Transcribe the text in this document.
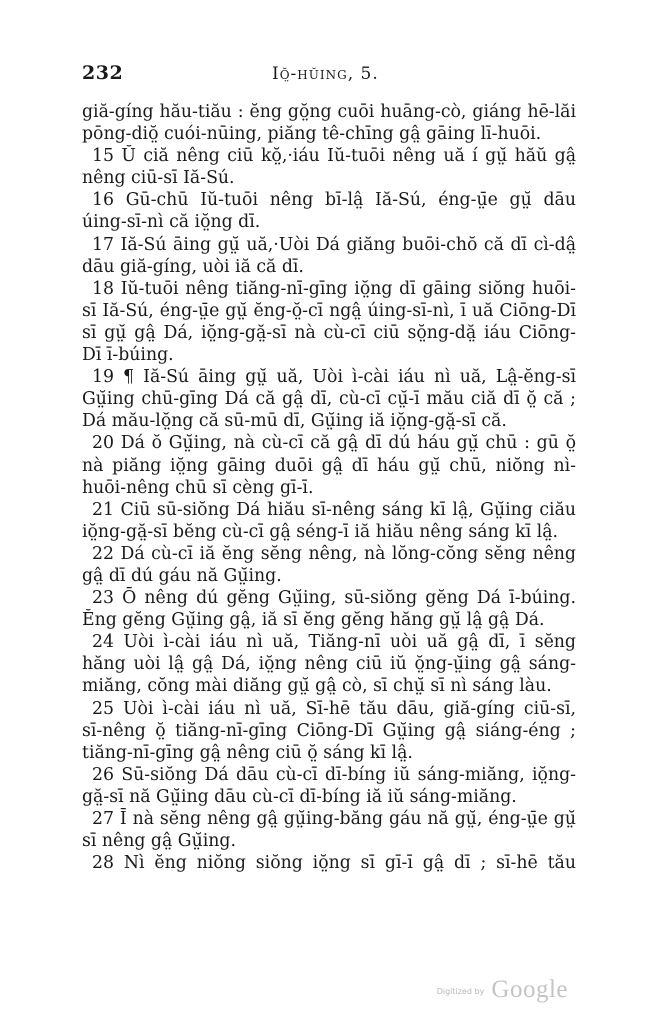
232	Iŏ̤-hŭing, 5.
giă-gíng hău-tiău : ĕng gŏ̤ng cuōi huāng-cò, giáng hē-lăi
pōng-diŏ̤ cuói-nūing, piăng tê-chīng gâ̤ gāing lī-huōi.
15 Ŭ ciă nêng ciū kŏ̤,·iáu Iŭ-tuōi nêng uă í gṳ̆ hăŭ gâ̤
nêng ciū-sī Iă-Sú.
16 Gū-chū Iŭ-tuōi nêng bī-lâ̤ Iă-Sú, éng-ṳ̄e gṳ̆ dāu
úing-sī-nì că iŏ̤ng dī.
17 Iă-Sú āing gṳ̆ uă,·Uòi Dá giăng buōi-chŏ că dī cì-dâ̤
dāu giă-gíng, uòi iă că dī.
18 Iŭ-tuōi nêng tiăng-nī-gīng iŏ̤ng dī gāing siŏng huōi-
sī Iă-Sú, éng-ṳ̄e gṳ̆ ĕng-ŏ̤-cī ngâ̤ úing-sī-nì, ī uă Ciōng-Dī
sī gṳ̆ gâ̤ Dá, iŏ̤ng-gă̤-sī nà cù-cī ciū sŏ̤ng-dă̤ iáu Ciōng-
Dī ī-búing.
19 ¶ Iă-Sú āing gṳ̆ uă, Uòi ì-cài iáu nì uă, Lâ̤-ĕng-sī
Gṳ̆ing chū-gīng Dá că gâ̤ dī, cù-cī cṳ̆-ī mău ciă dī ŏ̤ că ;
Dá mău-lŏ̤ng că sū-mū dī, Gṳ̆ing iă iŏ̤ng-gă̤-sī că.
20 Dá ŏ Gṳ̆ing, nà cù-cī că gâ̤ dī dú háu gṳ̆ chū : gū ŏ̤
nà piăng iŏ̤ng gāing duōi gâ̤ dī háu gṳ̆ chū, niŏng nì-
huōi-nêng chū sī cèng gī-ī.
21 Ciū sū-siŏng Dá hiău sī-nêng sáng kī lâ̤, Gṳ̆ing ciău
iŏ̤ng-gă̤-sī bĕng cù-cī gâ̤ séng-ī iă hiău nêng sáng kī lâ̤.
22 Dá cù-cī iă ĕng sĕng nêng, nà lŏng-cŏng sĕng nêng
gâ̤ dī dú gáu nă Gṳ̆ing.
23 Ō nêng dú gĕng Gṳ̆ing, sū-siŏng gĕng Dá ī-búing.
Ĕng gĕng Gṳ̆ing gâ̤, iă sī ĕng gĕng hăng gṳ̆ lâ̤ gâ̤ Dá.
24 Uòi ì-cài iáu nì uă, Tiăng-nī uòi uă gâ̤ dī, ī sĕng
hăng uòi lâ̤ gâ̤ Dá, iŏ̤ng nêng ciū iŭ ŏ̤ng-ṳ̆ing gâ̤ sáng-
miăng, cŏng mài diăng gṳ̆ gâ̤ cò, sī chṳ̆ sī nì sáng làu.
25 Uòi ì-cài iáu nì uă, Sī-hē tău dāu, giă-gíng ciū-sī,
sī-nêng ŏ̤ tiăng-nī-gīng Ciōng-Dī Gṳ̆ing gâ̤ siáng-éng ;
tiăng-nī-gīng gâ̤ nêng ciū ŏ̤ sáng kī lâ̤.
26 Sū-siŏng Dá dāu cù-cī dī-bíng iŭ sáng-miăng, iŏ̤ng-
gă̤-sī nă Gṳ̆ing dāu cù-cī dī-bíng iă iŭ sáng-miăng.
27 Ī nà sĕng nêng gâ̤ gṳ̆ing-băng gáu nă gṳ̆, éng-ṳ̄e gṳ̆
sī nêng gâ̤ Gṳ̆ing.
28 Nì ĕng niŏng siŏng iŏ̤ng sī gī-ī gâ̤ dī ; sī-hē tău
Digitized by Google
